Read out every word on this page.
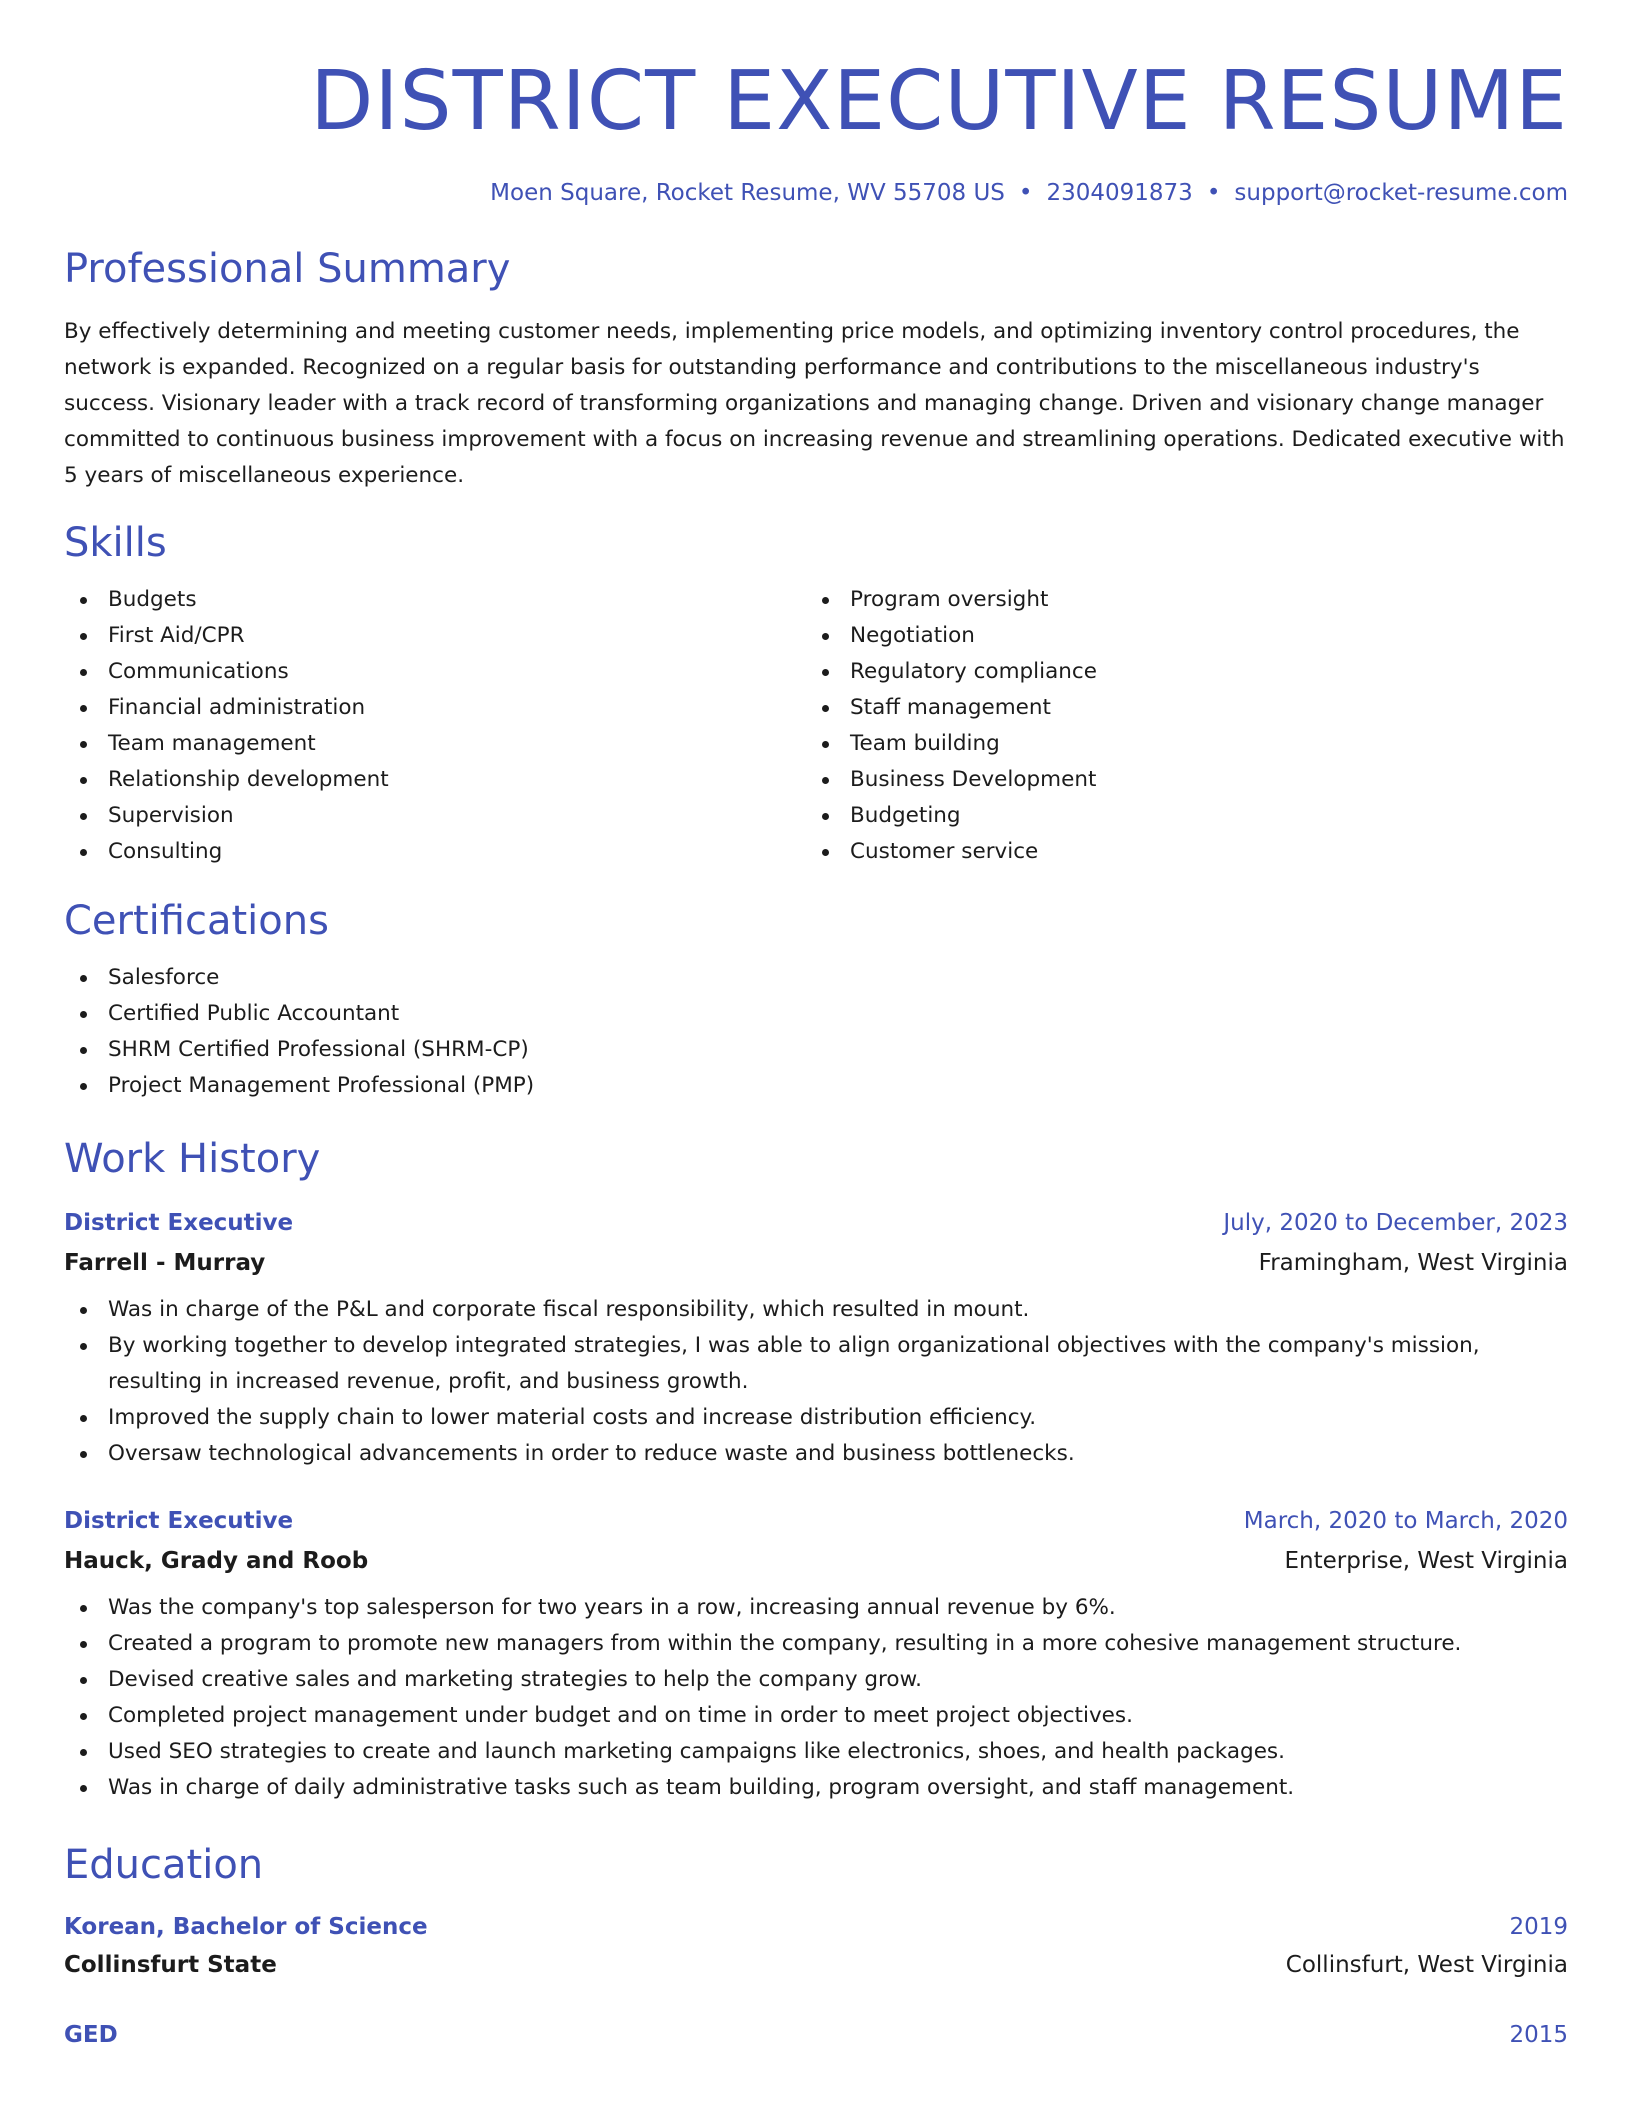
DISTRICT EXECUTIVE RESUME
Moen Square, Rocket Resume, WV 55708 US • 2304091873 • support@rocket-resume.com
Professional Summary

By effectively determining and meeting customer needs, implementing price models, and optimizing inventory control procedures, the network is expanded. Recognized on a regular basis for outstanding performance and contributions to the miscellaneous industry's success. Visionary leader with a track record of transforming organizations and managing change. Driven and visionary change manager committed to continuous business improvement with a focus on increasing revenue and streamlining operations. Dedicated executive with 5 years of miscellaneous experience.

Skills
Budgets
First Aid/CPR
Communications
Financial administration
Team management
Relationship development
Supervision
Consulting
Program oversight
Negotiation
Regulatory compliance
Staff management
Team building
Business Development
Budgeting
Customer service
Certifications
Salesforce
Certified Public Accountant
SHRM Certified Professional (SHRM-CP)
Project Management Professional (PMP)
Work History
District Executive	July, 2020 to December, 2023
Farrell - Murray	Framingham, West Virginia
Was in charge of the P&L and corporate fiscal responsibility, which resulted in mount.
By working together to develop integrated strategies, I was able to align organizational objectives with the company's mission, resulting in increased revenue, profit, and business growth.
Improved the supply chain to lower material costs and increase distribution efficiency.
Oversaw technological advancements in order to reduce waste and business bottlenecks.
District Executive	March, 2020 to March, 2020
Hauck, Grady and Roob	Enterprise, West Virginia
Was the company's top salesperson for two years in a row, increasing annual revenue by 6%.
Created a program to promote new managers from within the company, resulting in a more cohesive management structure.
Devised creative sales and marketing strategies to help the company grow.
Completed project management under budget and on time in order to meet project objectives.
Used SEO strategies to create and launch marketing campaigns like electronics, shoes, and health packages.
Was in charge of daily administrative tasks such as team building, program oversight, and staff management.
Education
Korean, Bachelor of Science	2019
Collinsfurt State	Collinsfurt, West Virginia
GED	2015
